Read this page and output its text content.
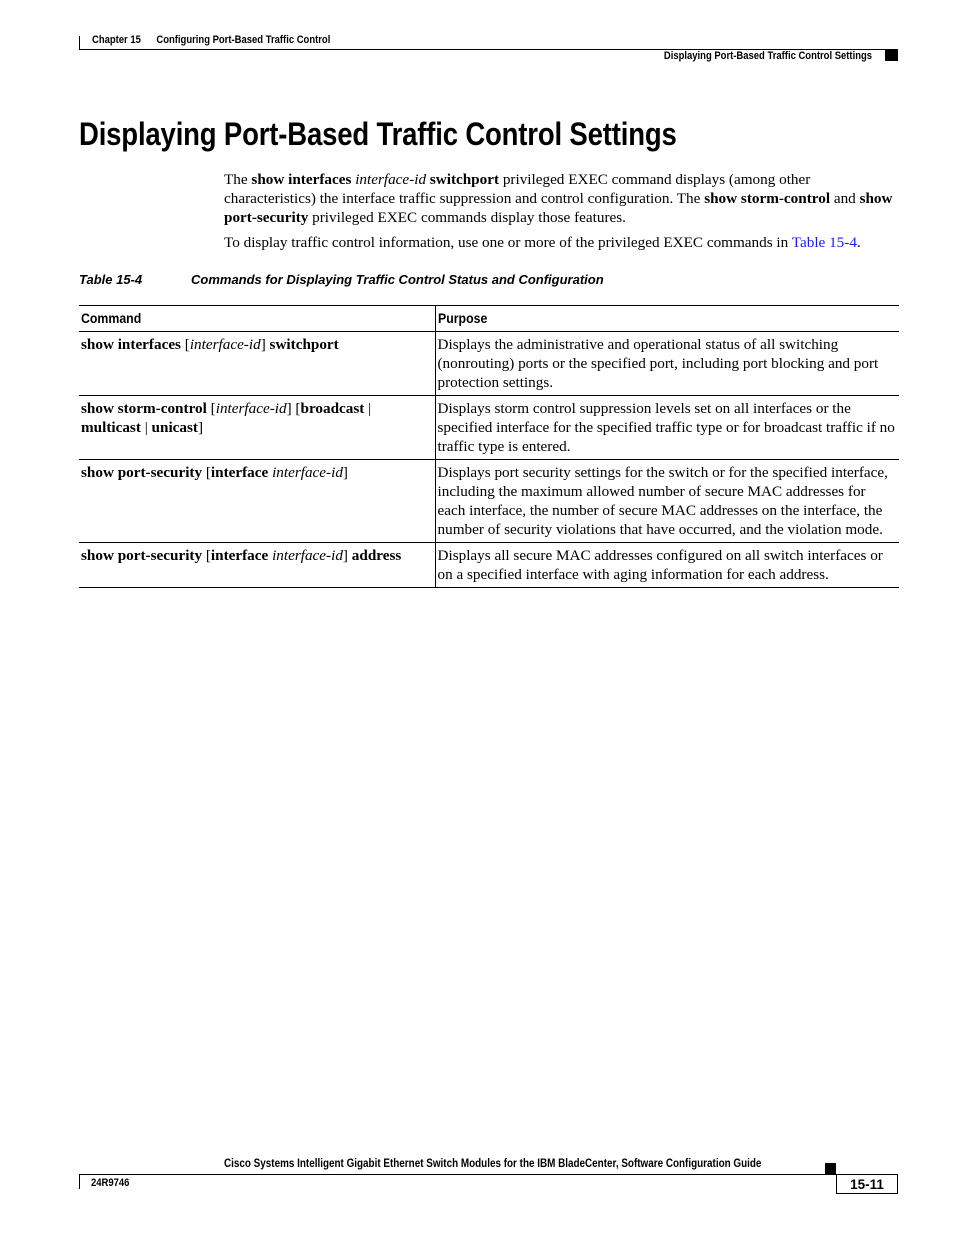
Chapter 15 Configuring Port-Based Traffic Control
Displaying Port-Based Traffic Control Settings
Displaying Port-Based Traffic Control Settings

The show interfaces interface-id switchport privileged EXEC command displays (among other characteristics) the interface traffic suppression and control configuration. The show storm-control and show port-security privileged EXEC commands display those features.

To display traffic control information, use one or more of the privileged EXEC commands in Table 15-4.

Table 15-4	Commands for Displaying Traffic Control Status and Configuration
Command	Purpose
show interfaces [interface-id] switchport	Displays the administrative and operational status of all switching (nonrouting) ports or the specified port, including port blocking and port protection settings.
show storm-control [interface-id] [broadcast | multicast | unicast]	Displays storm control suppression levels set on all interfaces or the specified interface for the specified traffic type or for broadcast traffic if no traffic type is entered.
show port-security [interface interface-id]	Displays port security settings for the switch or for the specified interface, including the maximum allowed number of secure MAC addresses for each interface, the number of secure MAC addresses on the interface, the number of security violations that have occurred, and the violation mode.
show port-security [interface interface-id] address	Displays all secure MAC addresses configured on all switch interfaces or on a specified interface with aging information for each address.
Cisco Systems Intelligent Gigabit Ethernet Switch Modules for the IBM BladeCenter, Software Configuration Guide
24R9746	15-11
